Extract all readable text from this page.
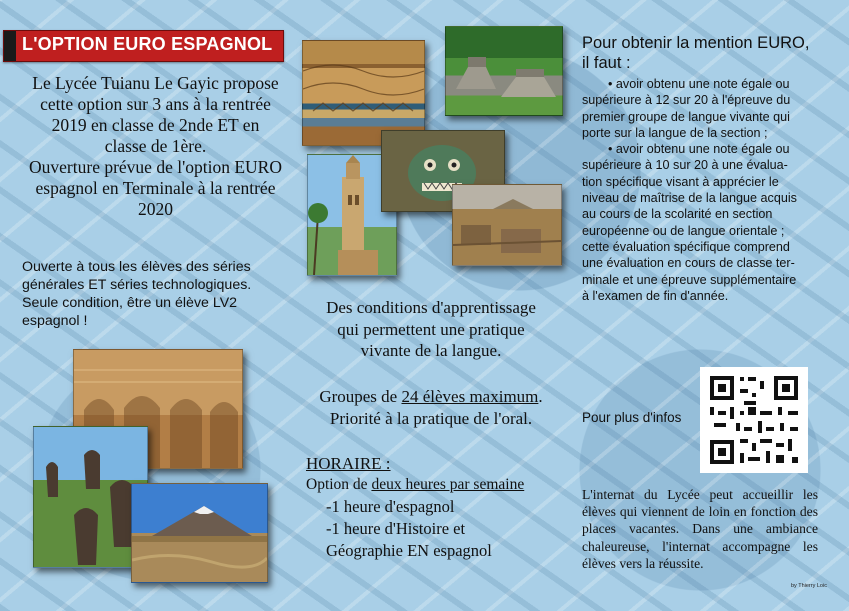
L'OPTION EURO ESPAGNOL

Le Lycée Tuianu Le Gayic propose

cette option sur 3 ans à la rentrée

2019 en classe de 2nde ET en

classe de 1ère.

Ouverture prévue de l'option EURO

espagnol en Terminale à la rentrée

2020

Ouverte à tous les élèves des séries
générales ET séries technologiques.
Seule condition, être un élève LV2
espagnol !
Des conditions d'apprentissage
qui permettent une pratique
vivante de la langue.
Groupes de 24 élèves maximum.
Priorité à la pratique de l'oral.
HORAIRE :
Option de deux heures par semaine
-1 heure d'espagnol
-1 heure d'Histoire et
Géographie EN espagnol
Pour obtenir la mention EURO,
il faut :

• avoir obtenu une note égale ou

supérieure à 12 sur 20 à l'épreuve du

premier groupe de langue vivante qui

porte sur la langue de la section ;

• avoir obtenu une note égale ou

supérieure à 10 sur 20 à une évalua-

tion spécifique visant à apprécier le

niveau de maîtrise de la langue acquis

au cours de la scolarité en section

européenne ou de langue orientale ;

cette évaluation spécifique comprend

une évaluation en cours de classe ter-

minale et une épreuve supplémentaire

à l'examen de fin d'année.

Pour plus d'infos
L'internat du Lycée peut accueillir les élèves qui viennent de loin en fonction des places vacantes. Dans une ambiance chaleureuse, l'internat accompagne les élèves vers la réussite.
by Thierry Loic
